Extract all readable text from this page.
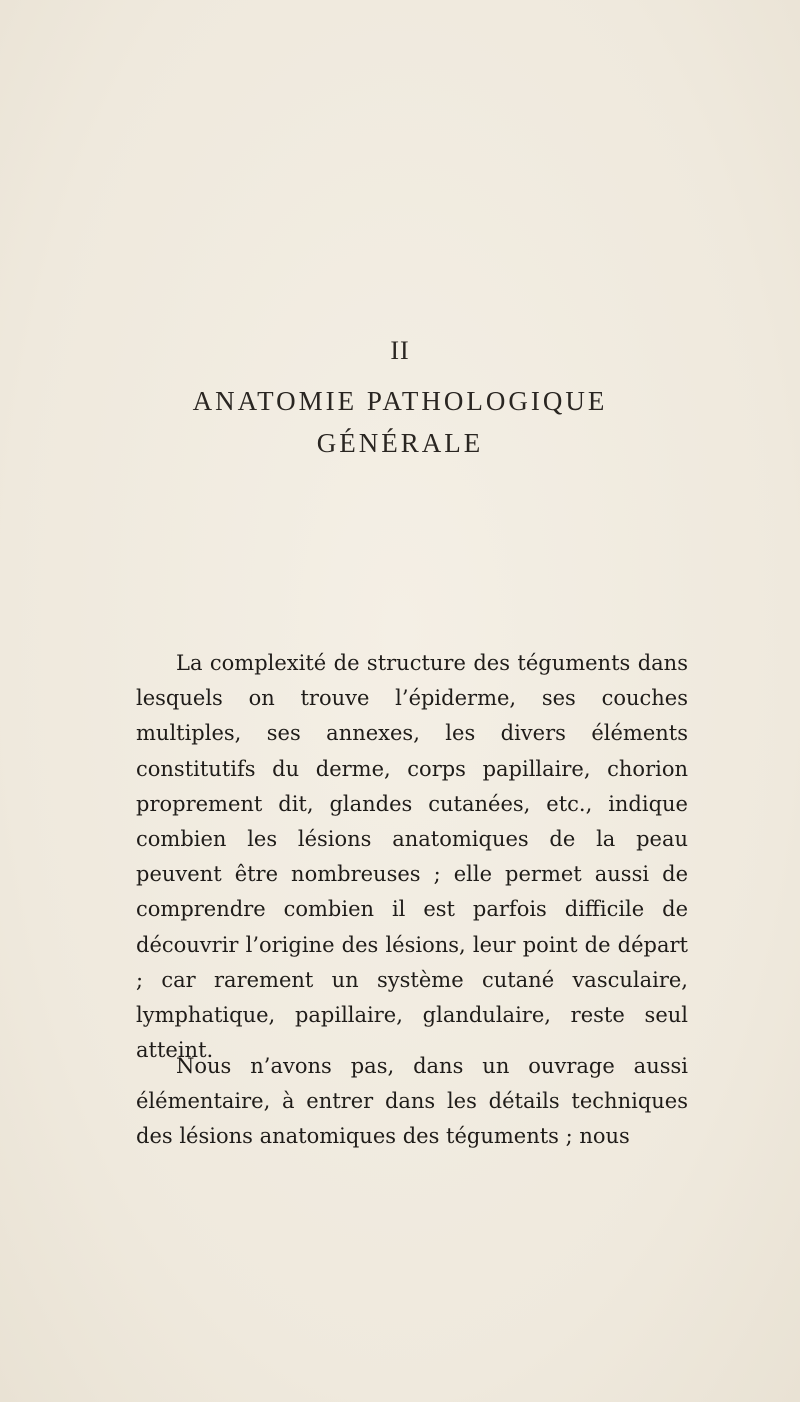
II
ANATOMIE PATHOLOGIQUE
GÉNÉRALE

La complexité de structure des téguments dans lesquels on trouve l’épiderme, ses couches multiples, ses annexes, les divers éléments constitutifs du derme, corps papillaire, chorion proprement dit, glandes cutanées, etc., indique combien les lésions anatomiques de la peau peuvent être nombreuses ; elle permet aussi de comprendre combien il est parfois difficile de découvrir l’origine des lésions, leur point de départ ; car rarement un système cutané vasculaire, lymphatique, papillaire, glandulaire, reste seul atteint.

Nous n’avons pas, dans un ouvrage aussi élémentaire, à entrer dans les détails techniques des lésions anatomiques des téguments ; nous
